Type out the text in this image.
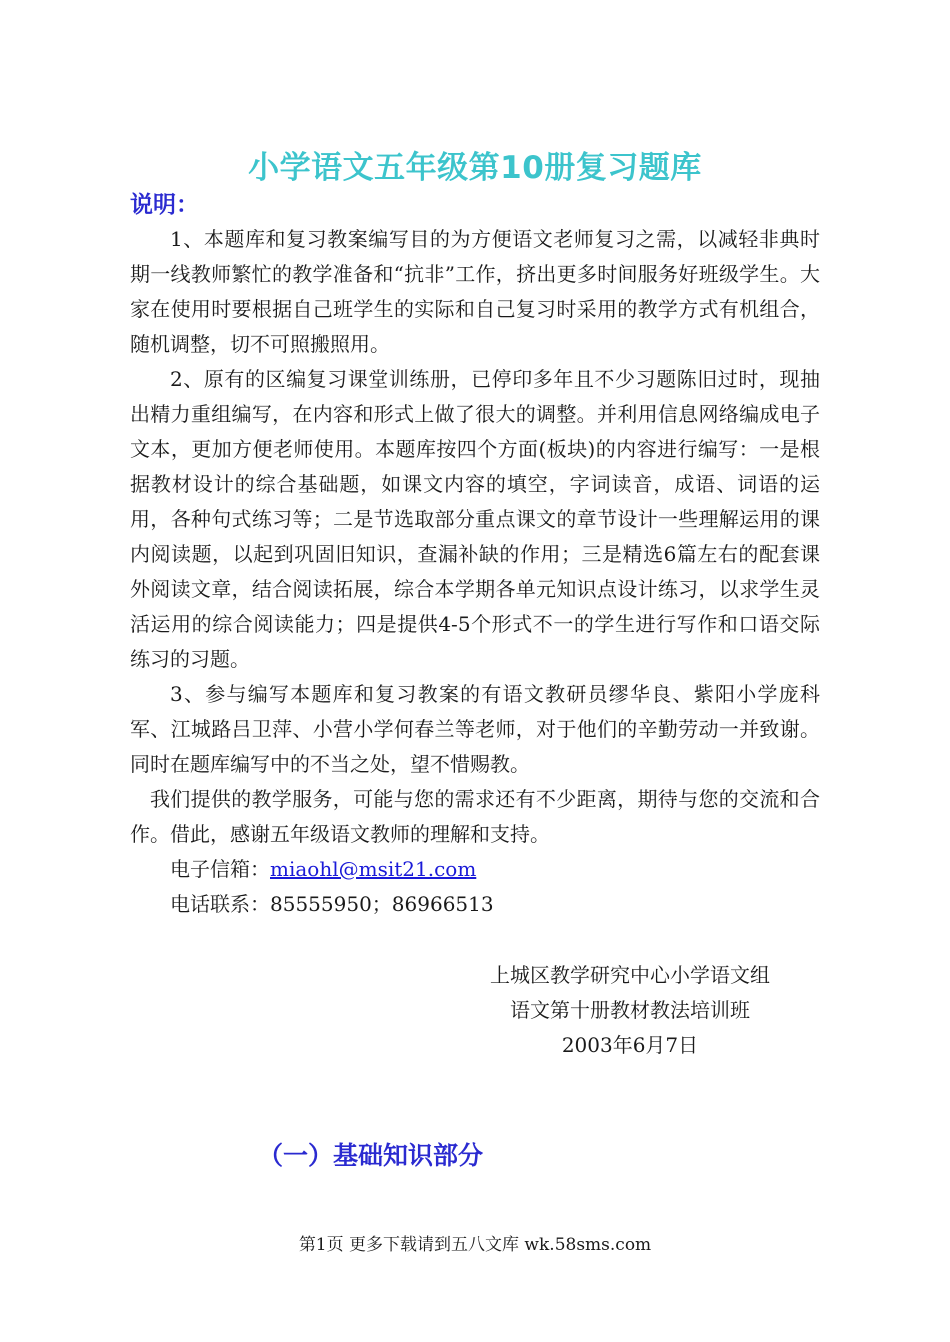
小学语文五年级第10册复习题库
说明：

1、本题库和复习教案编写目的为方便语文老师复习之需，以减轻非典时期一线教师繁忙的教学准备和“抗非”工作，挤出更多时间服务好班级学生。大家在使用时要根据自己班学生的实际和自己复习时采用的教学方式有机组合，随机调整，切不可照搬照用。

2、原有的区编复习课堂训练册，已停印多年且不少习题陈旧过时，现抽出精力重组编写，在内容和形式上做了很大的调整。并利用信息网络编成电子文本，更加方便老师使用。本题库按四个方面(板块)的内容进行编写：一是根据教材设计的综合基础题，如课文内容的填空，字词读音，成语、词语的运用，各种句式练习等；二是节选取部分重点课文的章节设计一些理解运用的课内阅读题，以起到巩固旧知识，查漏补缺的作用；三是精选6篇左右的配套课外阅读文章，结合阅读拓展，综合本学期各单元知识点设计练习，以求学生灵活运用的综合阅读能力；四是提供4-5个形式不一的学生进行写作和口语交际练习的习题。

3、参与编写本题库和复习教案的有语文教研员缪华良、紫阳小学庞科军、江城路吕卫萍、小营小学何春兰等老师，对于他们的辛勤劳动一并致谢。同时在题库编写中的不当之处，望不惜赐教。

我们提供的教学服务，可能与您的需求还有不少距离，期待与您的交流和合作。借此，感谢五年级语文教师的理解和支持。

电子信箱：miaohl@msit21.com
电话联系：85555950；86966513
上城区教学研究中心小学语文组
语文第十册教材教法培训班
2003年6月7日
（一）基础知识部分
第1页 更多下载请到五八文库 wk.58sms.com
